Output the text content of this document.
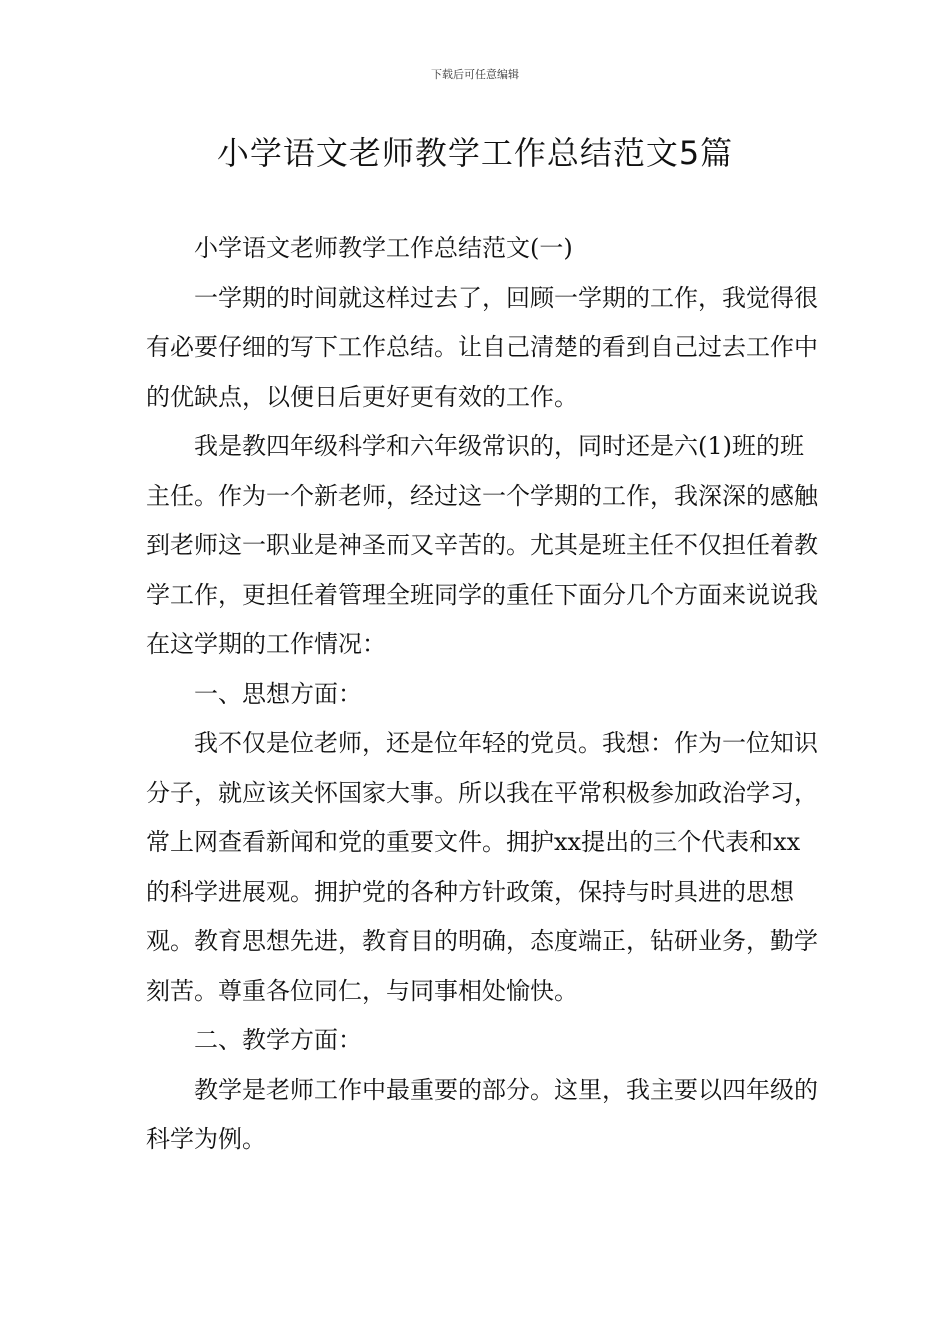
下载后可任意编辑
小学语文老师教学工作总结范文5篇

小学语文老师教学工作总结范文(一)

一学期的时间就这样过去了，回顾一学期的工作，我觉得很有必要仔细的写下工作总结。让自己清楚的看到自己过去工作中的优缺点，以便日后更好更有效的工作。

我是教四年级科学和六年级常识的，同时还是六(1)班的班主任。作为一个新老师，经过这一个学期的工作，我深深的感触到老师这一职业是神圣而又辛苦的。尤其是班主任不仅担任着教学工作，更担任着管理全班同学的重任下面分几个方面来说说我在这学期的工作情况：

一、思想方面：

我不仅是位老师，还是位年轻的党员。我想：作为一位知识分子，就应该关怀国家大事。所以我在平常积极参加政治学习，常上网查看新闻和党的重要文件。拥护xx提出的三个代表和xx的科学进展观。拥护党的各种方针政策，保持与时具进的思想观。教育思想先进，教育目的明确，态度端正，钻研业务，勤学刻苦。尊重各位同仁，与同事相处愉快。

二、教学方面：

教学是老师工作中最重要的部分。这里，我主要以四年级的科学为例。
